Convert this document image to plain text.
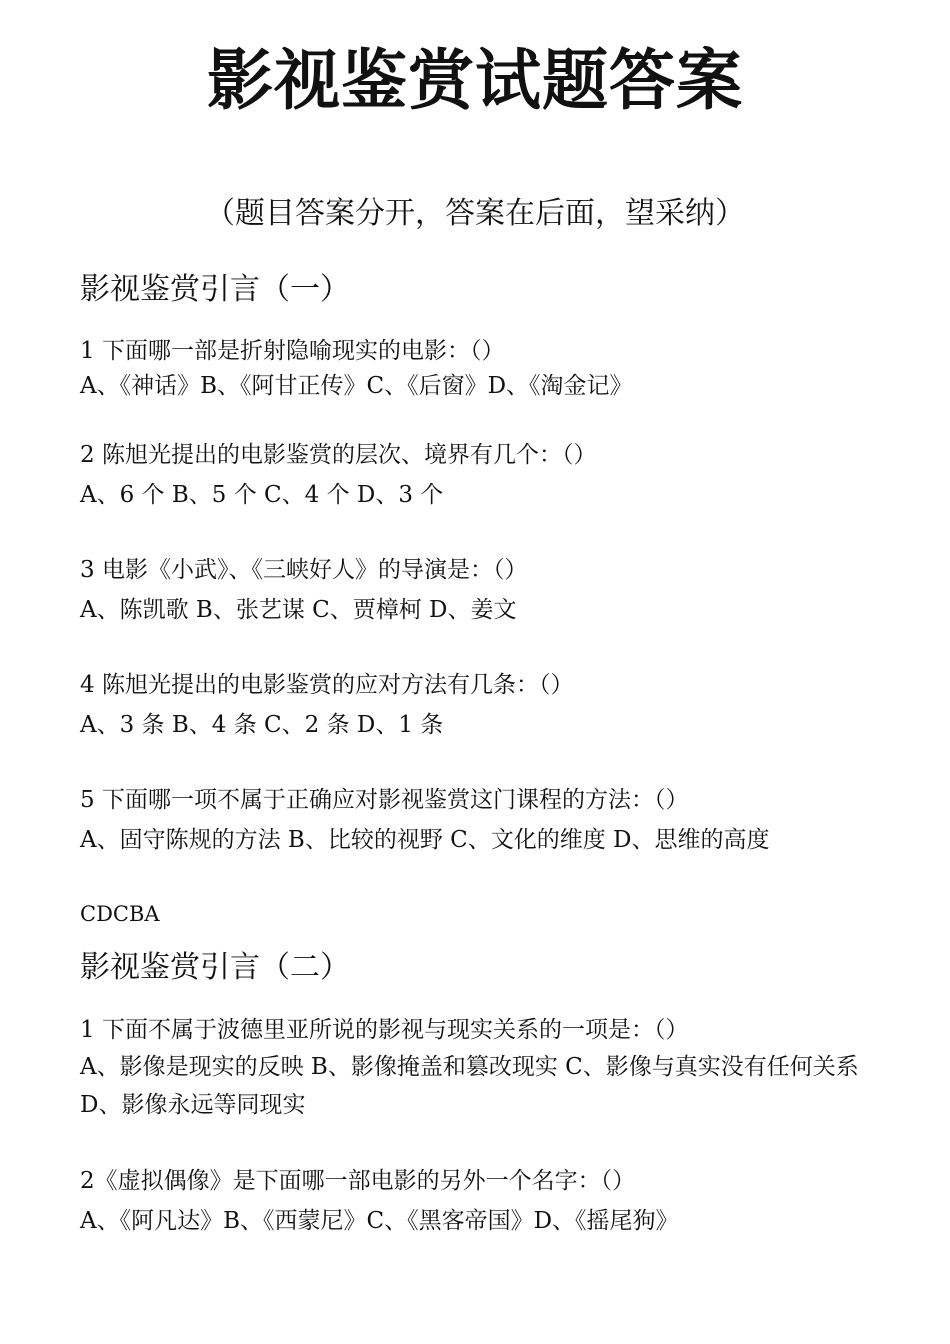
影视鉴赏试题答案
（题目答案分开，答案在后面，望采纳）
影视鉴赏引言（一）
1 下面哪一部是折射隐喻现实的电影：（）
A、《神话》B、《阿甘正传》C、《后窗》D、《淘金记》
2 陈旭光提出的电影鉴赏的层次、境界有几个：（）
A、6 个 B、5 个 C、4 个 D、3 个
3 电影《小武》、《三峡好人》的导演是：（）
A、陈凯歌 B、张艺谋 C、贾樟柯 D、姜文
4 陈旭光提出的电影鉴赏的应对方法有几条：（）
A、3 条 B、4 条 C、2 条 D、1 条
5 下面哪一项不属于正确应对影视鉴赏这门课程的方法：（）
A、固守陈规的方法 B、比较的视野 C、文化的维度 D、思维的高度
CDCBA
影视鉴赏引言（二）
1 下面不属于波德里亚所说的影视与现实关系的一项是：（）
A、影像是现实的反映 B、影像掩盖和篡改现实 C、影像与真实没有任何关系 D、影像永远等同现实
2《虚拟偶像》是下面哪一部电影的另外一个名字：（）
A、《阿凡达》B、《西蒙尼》C、《黑客帝国》D、《摇尾狗》
